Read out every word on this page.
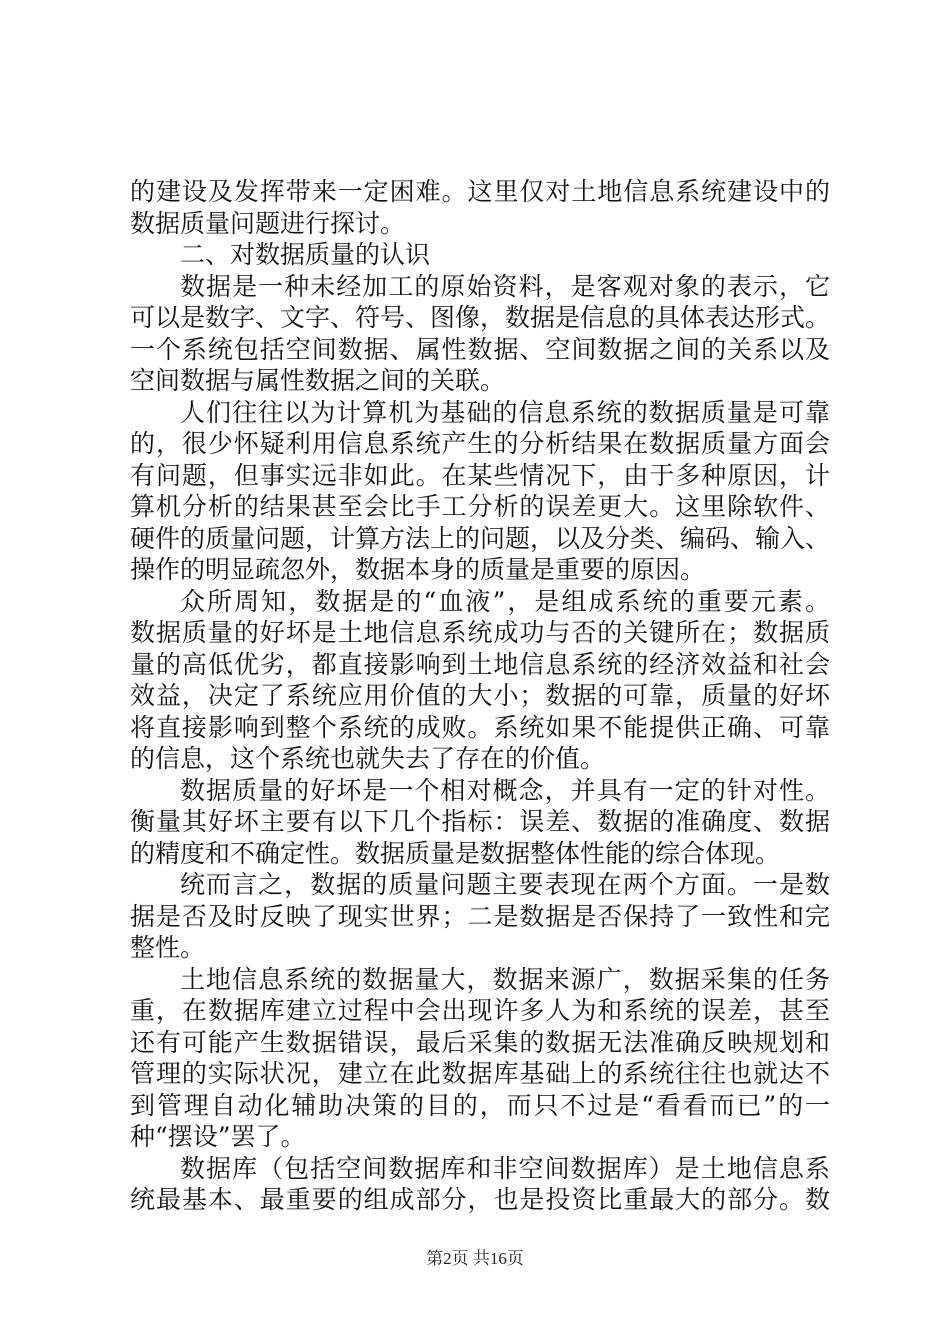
的建设及发挥带来一定困难。这里仅对土地信息系统建设中的
数据质量问题进行探讨。
二、对数据质量的认识
数据是一种未经加工的原始资料，是客观对象的表示，它
可以是数字、文字、符号、图像，数据是信息的具体表达形式。
一个系统包括空间数据、属性数据、空间数据之间的关系以及
空间数据与属性数据之间的关联。
人们往往以为计算机为基础的信息系统的数据质量是可靠
的，很少怀疑利用信息系统产生的分析结果在数据质量方面会
有问题，但事实远非如此。在某些情况下，由于多种原因，计
算机分析的结果甚至会比手工分析的误差更大。这里除软件、
硬件的质量问题，计算方法上的问题，以及分类、编码、输入、
操作的明显疏忽外，数据本身的质量是重要的原因。
众所周知，数据是的“血液”，是组成系统的重要元素。
数据质量的好坏是土地信息系统成功与否的关键所在；数据质
量的高低优劣，都直接影响到土地信息系统的经济效益和社会
效益，决定了系统应用价值的大小；数据的可靠，质量的好坏
将直接影响到整个系统的成败。系统如果不能提供正确、可靠
的信息，这个系统也就失去了存在的价值。
数据质量的好坏是一个相对概念，并具有一定的针对性。
衡量其好坏主要有以下几个指标：误差、数据的准确度、数据
的精度和不确定性。数据质量是数据整体性能的综合体现。
统而言之，数据的质量问题主要表现在两个方面。一是数
据是否及时反映了现实世界；二是数据是否保持了一致性和完
整性。
土地信息系统的数据量大，数据来源广，数据采集的任务
重，在数据库建立过程中会出现许多人为和系统的误差，甚至
还有可能产生数据错误，最后采集的数据无法准确反映规划和
管理的实际状况，建立在此数据库基础上的系统往往也就达不
到管理自动化辅助决策的目的，而只不过是“看看而已”的一
种“摆设”罢了。
数据库（包括空间数据库和非空间数据库）是土地信息系
统最基本、最重要的组成部分，也是投资比重最大的部分。数
第2页 共16页
